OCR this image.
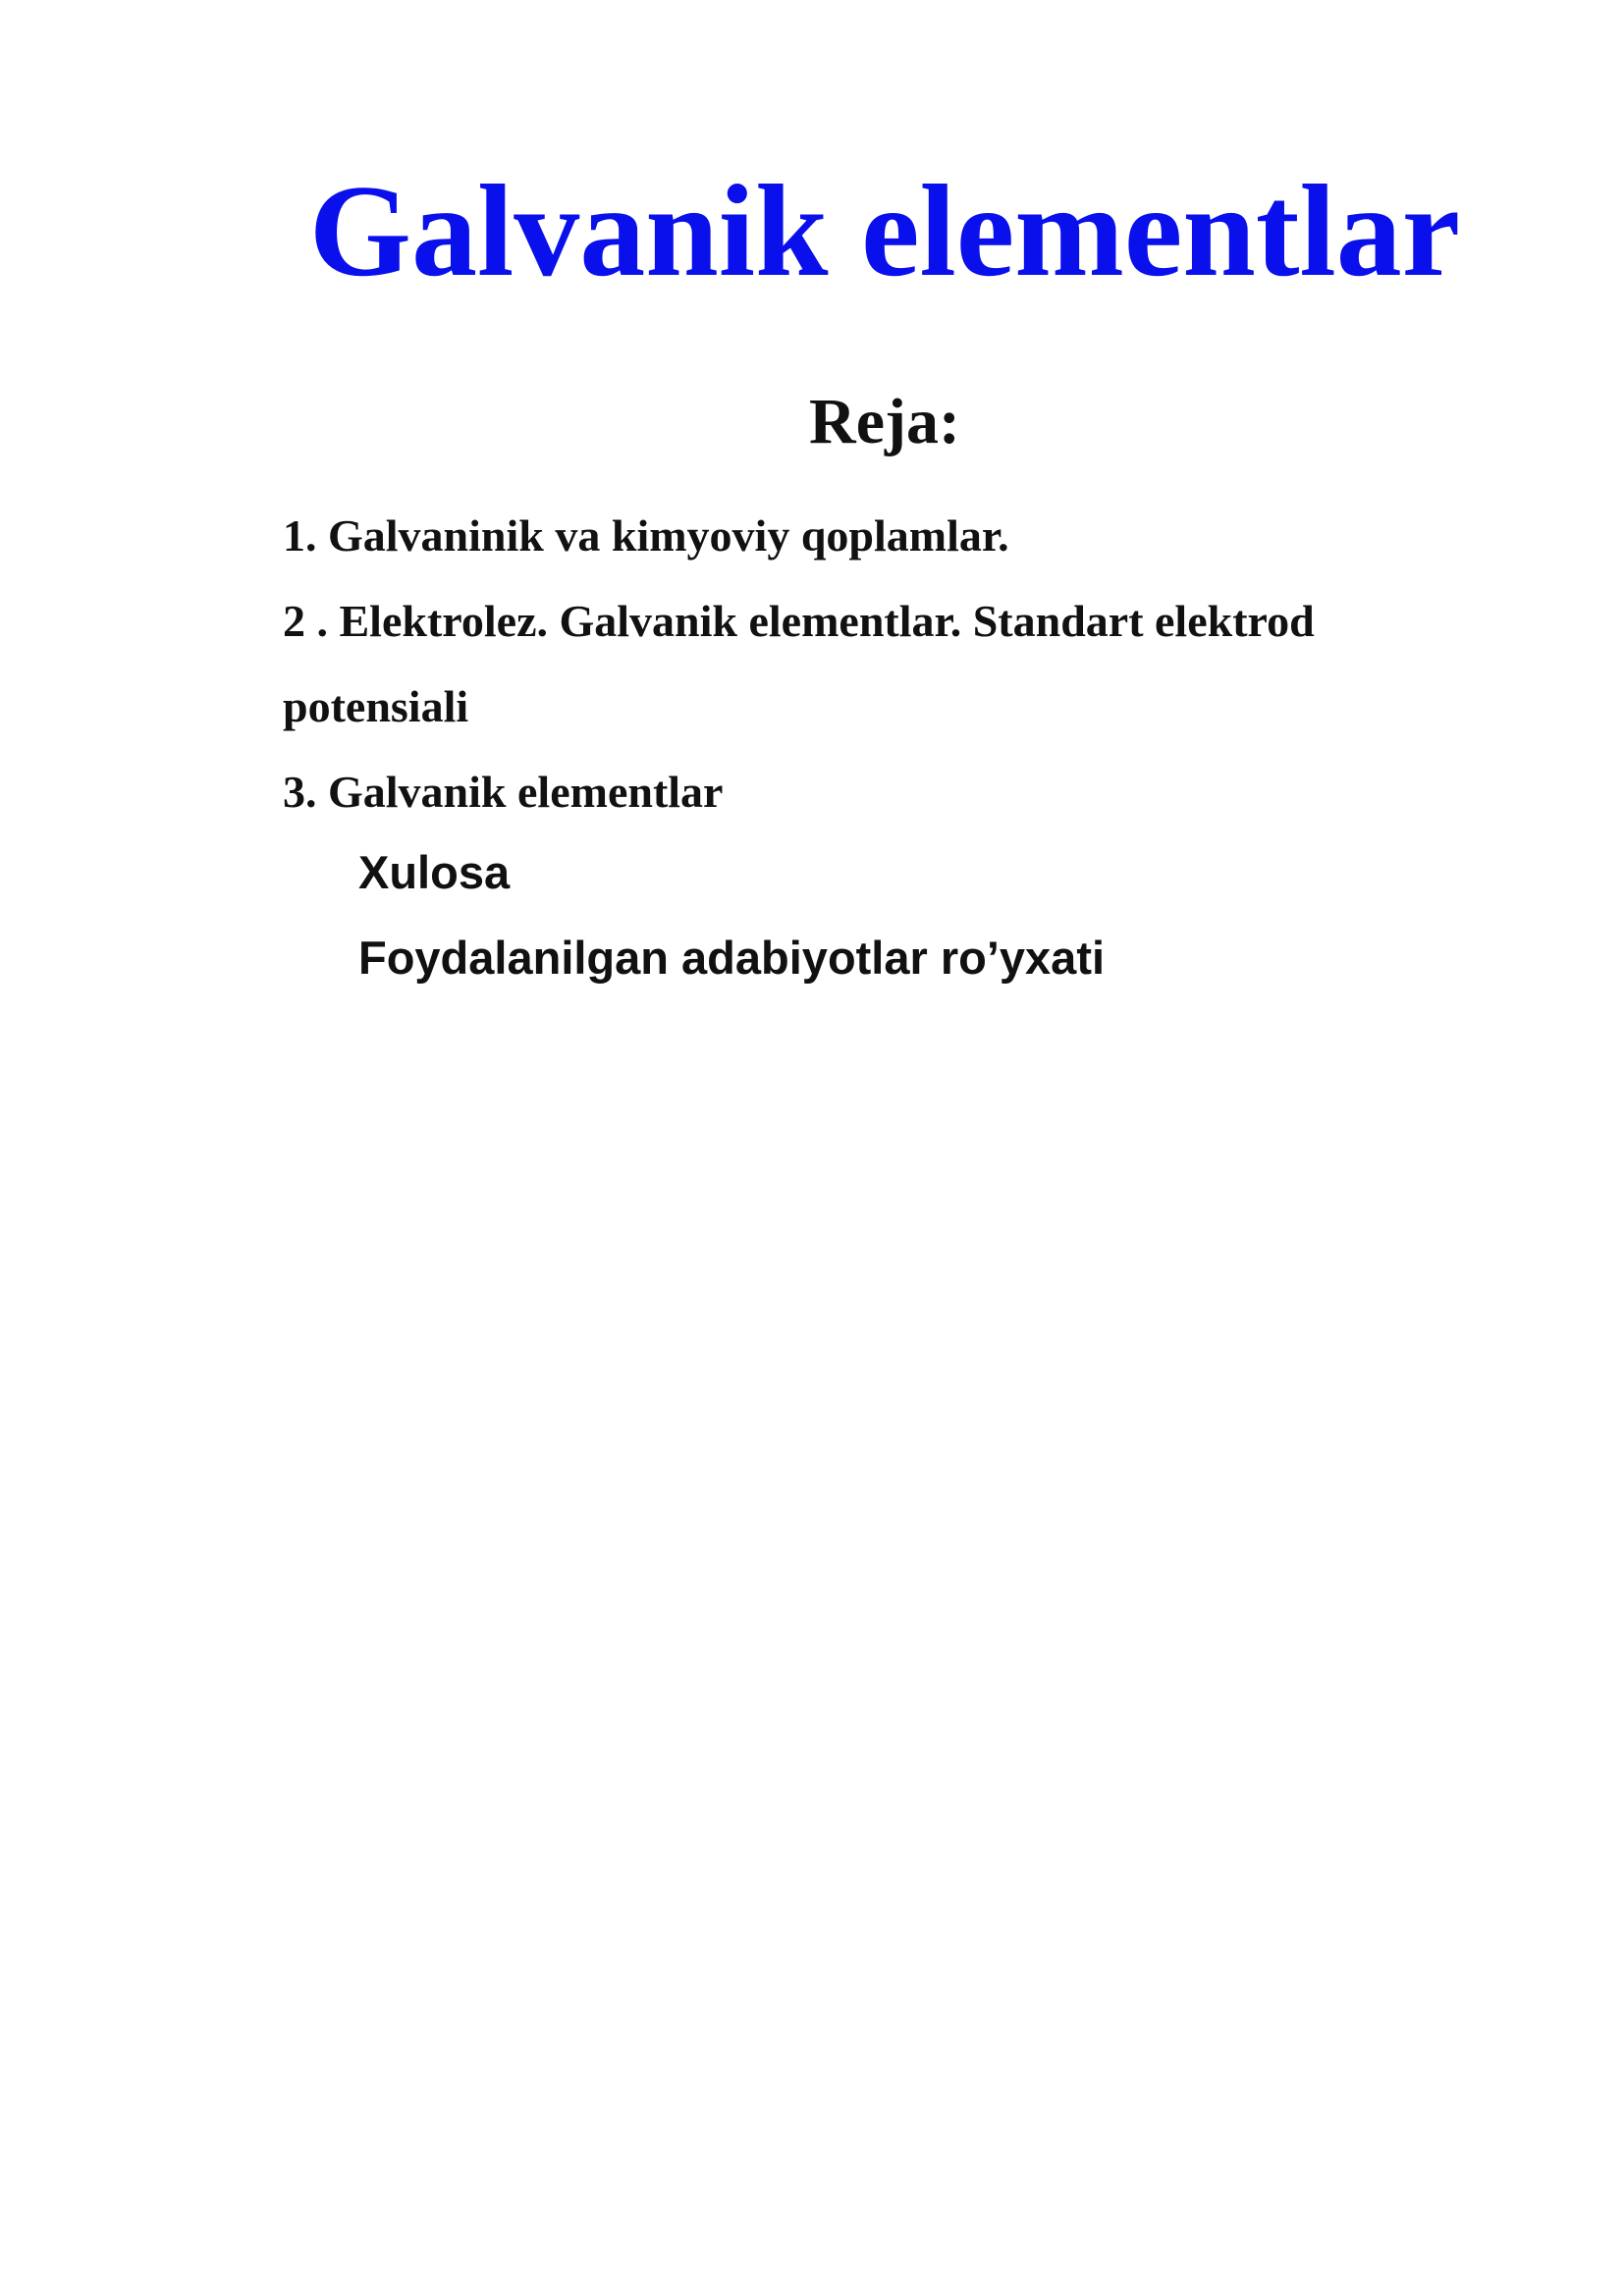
Galvanik elementlar
Reja:
1. Galvaninik va kimyoviy qoplamlar.
2 . Elektrolez. Galvanik elementlar. Standart elektrod
potensiali
3. Galvanik elementlar
Xulosa
Foydalanilgan adabiyotlar ro’yxati
